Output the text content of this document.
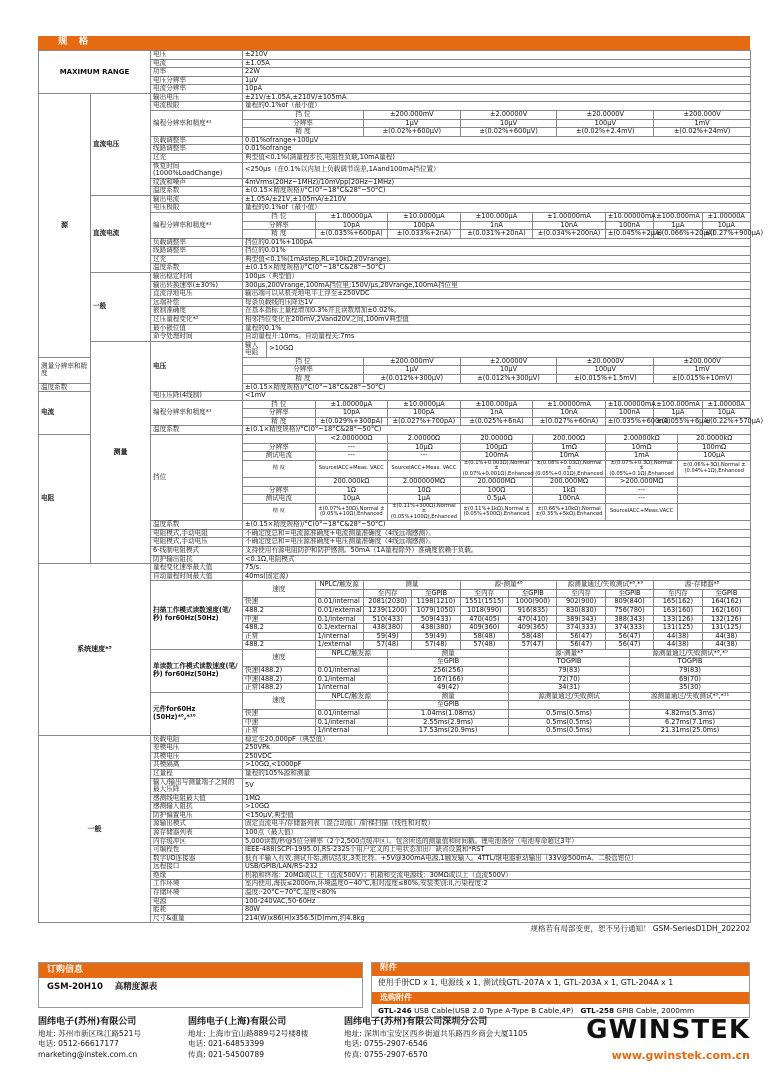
规 格
MAXIMUM RANGE		电压	±210V														
		电流	±1.05A														
		功率	22W														
		电压分辨率	1μV														
		电流分辨率	10pA														
源	直流电压	输出电压	±21V/±1.05A,±210V/±105mA														
		电流极限	量程的0.1%of（最小值）														
		编程分辨率和精度*¹	挡 位			±200.000mV			±2.00000V			±20.0000V			±200.000V		
			分辨率			1μV			10μV			100μV			1mV		
			精 度			±(0.02%+600μV)			±(0.02%+600μV)			±(0.02%+2.4mV)			±(0.02%+24mV)		
		负载调整率	0.01%ofrange+100μV														
		线路调整率	0.01%ofrange														
		过充	典型值<0.1%(满量程步长,电阻性负载,10mA量程)														
		恢复时间(1000%LoadChange)	<250μs（在0.1%以内加上负载调节误差,1Aand100mA挡位置）														
		纹波和噪声	4mVrms(20Hz~1MHz)/10mVpp(20Hz~1MHz)														
		温度系数	±(0.15×精度规格)/°C(0°~18°C&28°~50°C)														
	直流电流	输出电流	±1.05A/±21V,±105mA/±210V														
		电压极限	量程的0.1%of（最小值）														
		编程分辨率和精度*¹	挡 位		±1.00000μA		±10.0000μA		±100.000μA		±1.00000mA		±10.00000mA		±100.000mA		±1.00000A
			分辨率		10pA		100pA		1nA		10nA		100nA		1μA		10μA
			精 度		±(0.035%+600pA)		±(0.033%+2nA)		±(0.031%+20nA)		±(0.034%+200nA)		±(0.045%+2μA)		±(0.066%+20μA)		±(0.27%+900μA)
		负载调整率	挡位的0.01%+100pA														
		线路调整率	挡位的0.01%														
		过充	典型值<0.1%(1mAstep,RL=10kΩ,20Vrange).														
		温度系数	±(0.15×精度规格)/°C(0°~18°C&28°~50°C)														
	一般	输出稳定时间	100μs（典型值）														
		输出转换速率(±30%)	300μs,200Vrange,100mA挡位里;150V/μs,20Vrange,100mA挡位里														
		直流浮地电压	输出端可以从机壳地电平上浮至±250VDC														
		远端补偿	每条负载线的压降达1V														
		嵌制准确度	在基本指标上量程增加0.3%并且读数增加±0.02%。														
		过压量程变化*²	相邻挡位变化在200mV,2Vand20V之间,100mV典型值														
		最小嵌位值	量程的0.1%														
		命令处理时间	自动量程开:10ms。自动量程关:7ms														
	测量	电压	输入电阻	>10GΩ													
测量分辨率和精度			挡 位			±200.000mV			±2.00000V			±20.0000V			±200.000V		
			分辨率			1μV			10μV			100μV			1mV		
			精 度			±(0.012%+300μV)			±(0.012%+300μV)			±(0.015%+1.5mV)			±(0.015%+10mV)		
温度系数			±(0.15×精度规格)/°C(0°~18°C&28°~50°C)														
电流		电压压降(4线制)	<1mV														
		编程分辨率和精度*¹	挡 位		±1.00000μA		±10.0000μA		±100.000μA		±1.00000mA		±10.00000mA		±100.000mA		±1.00000A
			分辨率		10pA		100pA		1nA		10nA		100nA		1μA		10μA
			精 度		±(0.029%+300pA)		±(0.027%+700pA)		±(0.025%+6nA)		±(0.027%+60nA)		±(0.035%+600nA)		±(0.055%+6μA)		±(0.22%+570μA)
		温度系数	±(0.1×精度规格)/°C(0°~18°C&28°~50°C)														
电阻		挡位			<2.000000Ω		2.00000Ω		20.0000Ω		200.000Ω		2.00000kΩ			20.0000kΩ	
			分辨率		---		10μΩ		100μΩ		1mΩ		10mΩ			100mΩ	
			测试电流		---		---		100mA		10mA		1mA			100μA	
			精 度		SourceIACC+Meas. VACC		SourceIACC+Meas. VACC		±(0.1%+0.003Ω),Normal ±(0.07%+0.001Ω),Enhanced		±(0.08%+0.03Ω),Normal ±(0.05%+0.01Ω),Enhanced		±(0.07%+0.3Ω),Normal ±(0.05%+0.1Ω),Enhanced			±(0.06%+3Ω),Normal ±(0.04%+1Ω),Enhanced	
					200.000kΩ		2.000000MΩ		20.0000MΩ		200.000MΩ		>200.000MΩ				
			分辨率		1Ω		10Ω		100Ω		1kΩ		---				
			测试电流		10μA		1μA		0.5μA		100nA		---				
			精 度		±(0.07%+30Ω),Normal ±(0.05%+10Ω),Enhanced		±(0.11%+300Ω),Normal ±(0.05%+100Ω),Enhanced		±(0.11%+1kΩ),Normal ±(0.05%+500Ω),Enhanced		±(0.66%+10kΩ),Normal ±(0.35%+5kΩ),Enhanced		SourceIACC+Meas.VACC				
		温度系数	±(0.15×精度规格)/°C(0°~18°C&28°~50°C)														
		电阻模式,手动电阻	不确定度总和=电流源准确度+电流测量准确度（4线远端感测）。														
		电阻模式,手动电压	不确定度总和=电压源准确度+电压测量准确度（4线远端感测）。														
		6-线制电阻模式	支持使用有源电阻防护和防护感测。50mA（1A量程除外）准确度依赖于负载。														
		防护输出阻抗	<0.1Ω,电阻模式														
系统速度*⁵		量程变化速率最大值	75/s.														
		自动量程时间最大值	40ms(固定源)														
		扫描工作模式读数速度(笔/秒) for60Hz(50Hz)	速度		NPLC/触发源	测量			源-测量*⁸			源测量通过/失败测试*⁸,*⁹			源-存储器*⁸		
						至内存		至GPIB	至内存	至GPIB		至内存	至GPIB		至内存		至GPIB
			快速		0.01/internal	2081(2030)		1198(1210)	1551(1515)	1000(900)		902(900)	809(840)		165(162)		164(162)
			488.2		0.01/external	1239(1200)		1079(1050)	1018(990)	916(835)		830(830)	756(780)		163(160)		162(160)
			中速		0.1/internal	510(433)		509(433)	470(405)	470(410)		389(343)	388(343)		133(126)		132(126)
			488.2		0.1/external	438(380)		438(380)	409(360)	409(365)		374(333)	374(333)		131(125)		131(125)
			正常		1/internal	59(49)		59(49)	58(48)	58(48)		56(47)	56(47)		44(38)		44(38)
			488.2		1/external	57(48)		57(48)	57(48)	57(47)		56(47)	56(47)		44(38)		44(38)
		单读数工作模式读数速度(笔/秒) for60Hz(50Hz)	速度		NPLC/触发源		测量			源-测量*⁸				源测量通过/失败测试*⁸,*⁹			
							至GPIB			TOGPIB				TOGPIB			
			快速(488.2)		0.01/internal		256(256)			79(83)				79(83)			
			中速(488.2)		0.1/internal		167(166)			72(70)				69(70)			
			正常(488.2)		1/internal		49(42)			34(31)				35(30)			
		元件for60Hz (50Hz)*⁸,*¹⁰	速度		NPLC/触发源		测量			源测量通过/失败测试				源测量通过/失败测试*⁹,*¹¹			
							至GPIB										
			快速		0.01/internal		1.04ms(1.08ms)			0.5ms(0.5ms)				4.82ms(5.3ms)			
			中速		0.1/internal		2.55ms(2.9ms)			0.5ms(0.5ms)				6.27ms(7.1ms)			
			正常		1/internal		17.53ms(20.9ms)			0.5ms(0.5ms)				21.31ms(25.0ms)			
一般		负载电阻	稳定至20,000pF（典型值）														
		差模电压	250VPk														
		共模电压	250VDC														
		共模隔离	>10GΩ,<1000pF														
		过量程	量程的105%源和测量														
		输入/输出与测量端子之间的最大压降	5V														
		感测线电阻最大值	1MΩ														
		感测输入阻抗	>10GΩ														
		防护偏置电压	<150μV,典型值														
		源输出模式	固定直流电平/存储器列表（混合动版）/阶梯扫描（线性和对数）														
		源存储器列表	100点（最大值）														
		内存缓冲区	5,000读数/秒@5位分辨率（2个2,500点缓冲区）。包含所选的测量值和时间戳。锂电池备份（电池寿命超过3年）														
		可编程性	IEEE-488(SCPI-1995.0),RS-232S个用户定义的上电状态加出厂缺省设置和*RST														
		数字I/O连接器	低有平输入有效,测试开始,测试结束,3类比特。+5V@300mA电源,1触发输入。4TTL/继电器驱动输出（33V@500mA、二极管钳位）														
		远程接口	USB/GPIB/LAN/RS-232														
		绝缘	机箱和终端：20MΩ或以上（直流500V）；机箱和交流电源线：30MΩ或以上（直流500V）														
		工作环境	室内使用,海拔≤2000m,环境温度0~40℃,相对湿度≤80%,安装类别:II,污染程度:2														
		存储环境	温度:-20°C~70°C,湿度<80%														
		电源	100-240VAC,50-60Hz														
		能耗	80W														
		尺寸&重量	214(W)x86(H)x356.5(D)mm,约4.8kg														
规格若有局部变更，恕不另行通知！ GSM-SeriesD1DH_202202
订购信息
GSM-20H10 高精度源表
附件
使用手册CD x 1, 电源线 x 1, 测试线GTL-207A x 1, GTL-203A x 1, GTL-204A x 1
选购附件
GTL-246 USB Cable(USB 2.0 Type A-Type B Cable,4P) GTL-258 GPIB Cable, 2000mm
固纬电子(苏州)有限公司
地址: 苏州市新区珠江路521号
电话: 0512-66617177
marketing@instek.com.cn
固纬电子(上海)有限公司
地址: 上海市宜山路889号2号楼8楼
电话: 021-64853399
传真: 021-54500789
固纬电子(苏州)有限公司深圳分公司
地址: 深圳市宝安区西乡街道共乐路西乡商会大厦1105
电话: 0755-2907-6546
传真: 0755-2907-6570
GWINSTEK
www.gwinstek.com.cn
